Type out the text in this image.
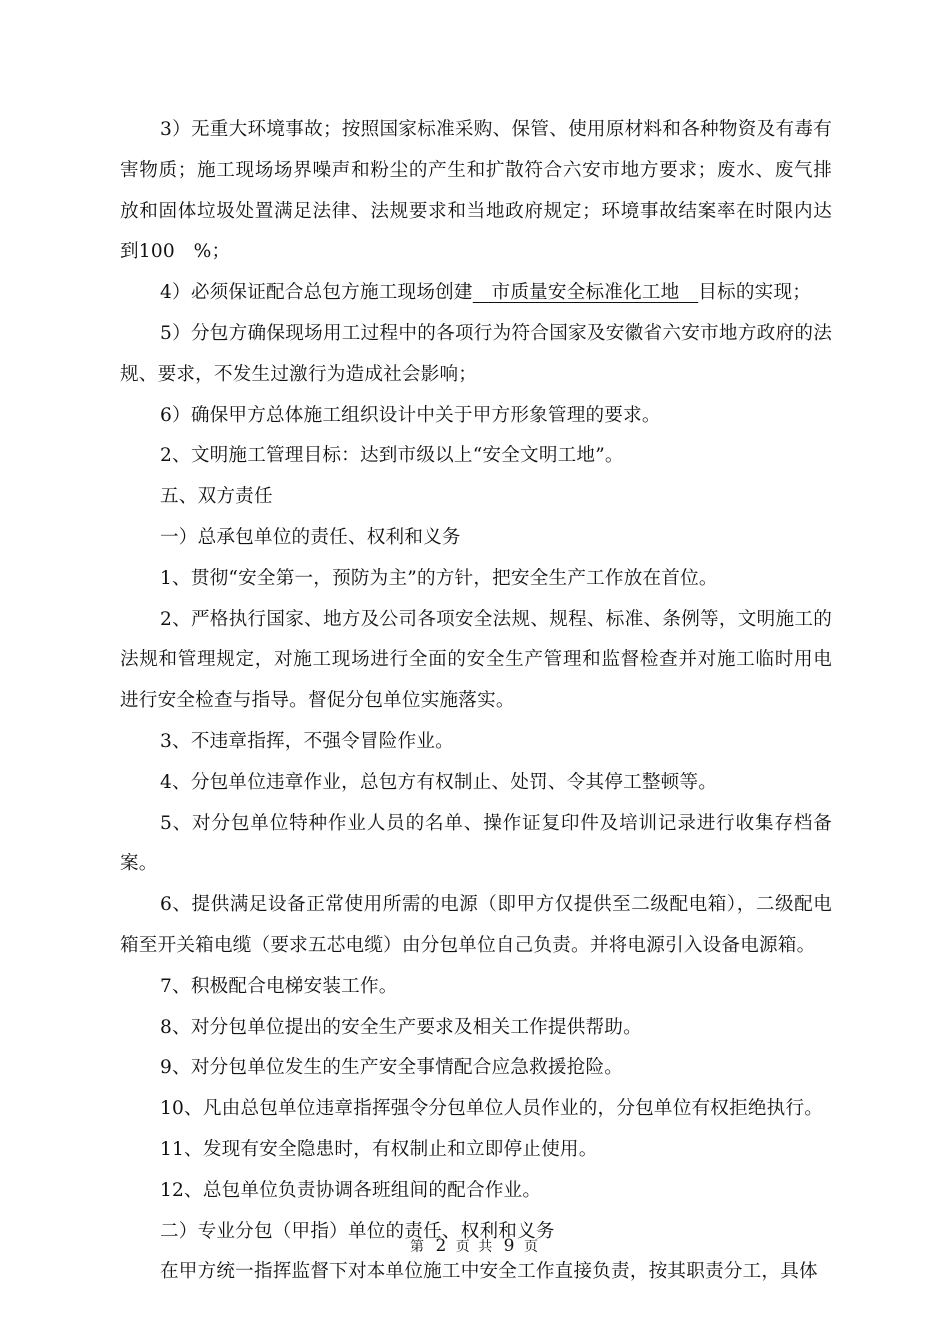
3）无重大环境事故；按照国家标准采购、保管、使用原材料和各种物资及有毒有害物质；施工现场场界噪声和粉尘的产生和扩散符合六安市地方要求；废水、废气排放和固体垃圾处置满足法律、法规要求和当地政府规定；环境事故结案率在时限内达到100　%；

4）必须保证配合总包方施工现场创建　市质量安全标准化工地　目标的实现；

5）分包方确保现场用工过程中的各项行为符合国家及安徽省六安市地方政府的法规、要求，不发生过激行为造成社会影响；

6）确保甲方总体施工组织设计中关于甲方形象管理的要求。

2、文明施工管理目标：达到市级以上“安全文明工地”。

五、双方责任

一）总承包单位的责任、权利和义务

1、贯彻“安全第一，预防为主”的方针，把安全生产工作放在首位。

2、严格执行国家、地方及公司各项安全法规、规程、标准、条例等，文明施工的法规和管理规定，对施工现场进行全面的安全生产管理和监督检查并对施工临时用电进行安全检查与指导。督促分包单位实施落实。

3、不违章指挥，不强令冒险作业。

4、分包单位违章作业，总包方有权制止、处罚、令其停工整顿等。

5、对分包单位特种作业人员的名单、操作证复印件及培训记录进行收集存档备案。

6、提供满足设备正常使用所需的电源（即甲方仅提供至二级配电箱），二级配电箱至开关箱电缆（要求五芯电缆）由分包单位自己负责。并将电源引入设备电源箱。

7、积极配合电梯安装工作。

8、对分包单位提出的安全生产要求及相关工作提供帮助。

9、对分包单位发生的生产安全事情配合应急救援抢险。

10、凡由总包单位违章指挥强令分包单位人员作业的，分包单位有权拒绝执行。

11、发现有安全隐患时，有权制止和立即停止使用。

12、总包单位负责协调各班组间的配合作业。

二）专业分包（甲指）单位的责任、权利和义务

在甲方统一指挥监督下对本单位施工中安全工作直接负责，按其职责分工，具体

第 2 页 共 9 页
